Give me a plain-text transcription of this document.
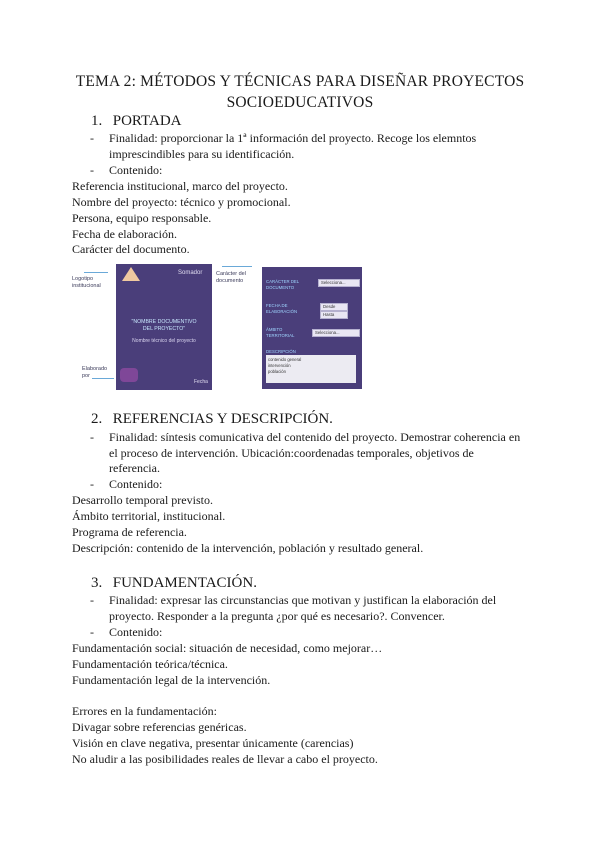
TEMA 2: MÉTODOS Y TÉCNICAS PARA DISEÑAR PROYECTOS
SOCIOEDUCATIVOS
1. PORTADA
- Finalidad: proporcionar la 1ª información del proyecto. Recoge los elemntos
imprescindibles para su identificación.
- Contenido:
Referencia institucional, marco del proyecto.
Nombre del proyecto: técnico y promocional.
Persona, equipo responsable.
Fecha de elaboración.
Carácter del documento.
Logotipo institucional
Elaborado por
Carácter del documento
Somador
"NOMBRE DOCUMENTIVO DEL PROYECTO"
Nombre técnico del proyecto
Fecha
CARÁCTER DEL DOCUMENTO
Selecciona...
FECHA DE ELABORACIÓN
Desde
Hasta
ÁMBITO TERRITORIAL	Selecciona...
DESCRIPCIÓN
contenido general
intervención
población
2. REFERENCIAS Y DESCRIPCIÓN.
- Finalidad: síntesis comunicativa del contenido del proyecto. Demostrar coherencia en
el proceso de intervención. Ubicación:coordenadas temporales, objetivos de
referencia.
- Contenido:
Desarrollo temporal previsto.
Ámbito territorial, institucional.
Programa de referencia.
Descripción: contenido de la intervención, población y resultado general.
3. FUNDAMENTACIÓN.
- Finalidad: expresar las circunstancias que motivan y justifican la elaboración del
proyecto. Responder a la pregunta ¿por qué es necesario?. Convencer.
- Contenido:
Fundamentación social: situación de necesidad, como mejorar…
Fundamentación teórica/técnica.
Fundamentación legal de la intervención.
Errores en la fundamentación:
Divagar sobre referencias genéricas.
Visión en clave negativa, presentar únicamente (carencias)
No aludir a las posibilidades reales de llevar a cabo el proyecto.
